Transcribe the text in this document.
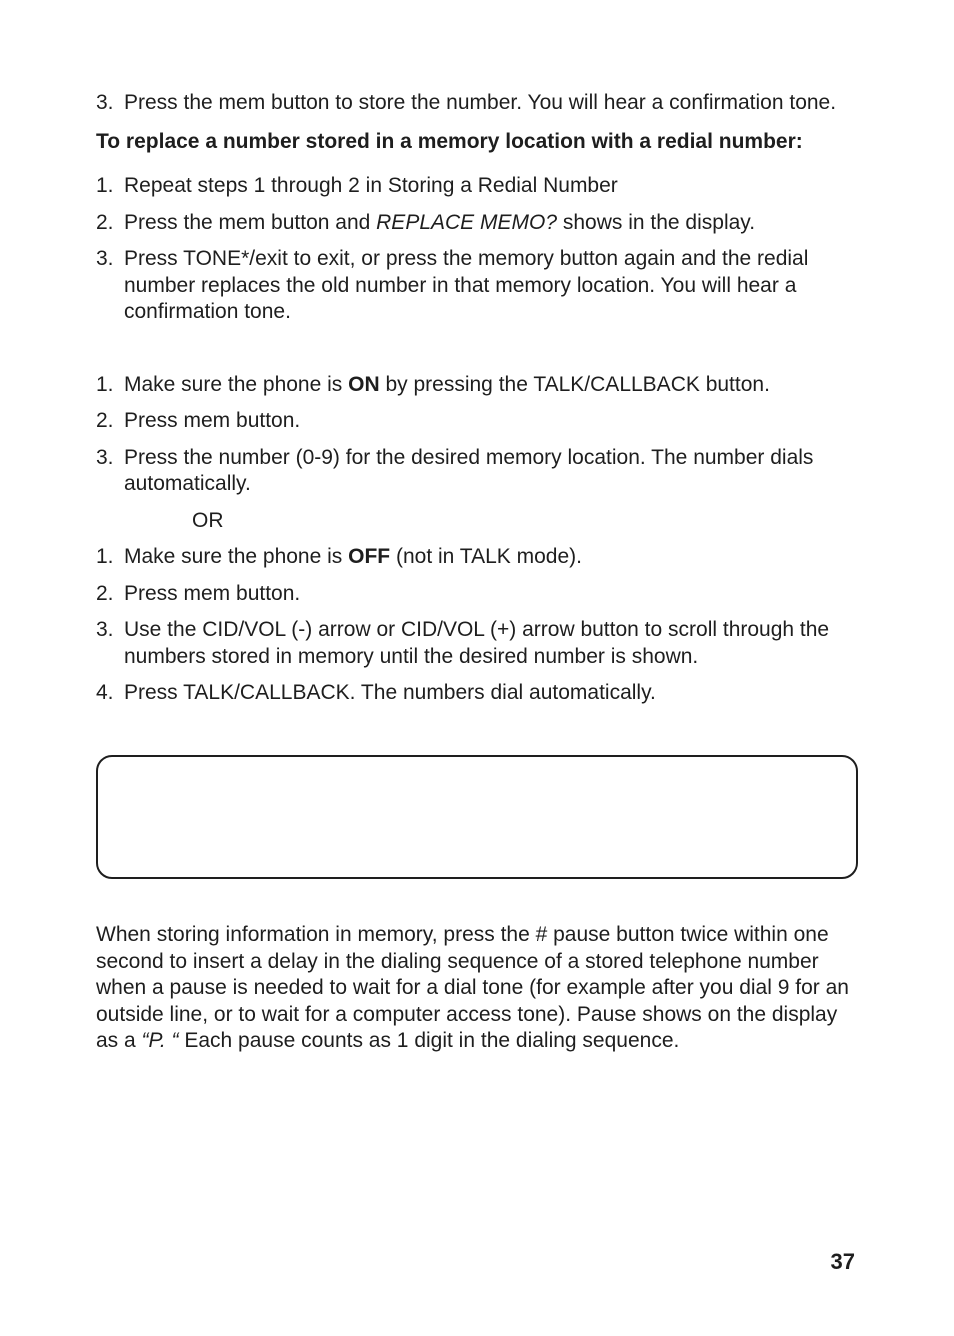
3. Press the mem button to store the number. You will hear a confirmation tone.
To replace a number stored in a memory location with a redial number:
1. Repeat steps 1 through 2 in Storing a Redial Number
2. Press the mem button and REPLACE MEMO? shows in the display.
3. Press TONE*/exit to exit, or press the memory button again and the redial number replaces the old number in that memory location. You will hear a confirmation tone.
1. Make sure the phone is ON by pressing the TALK/CALLBACK button.
2. Press mem button.
3. Press the number (0-9) for the desired memory location. The number dials automatically.
OR
1. Make sure the phone is OFF (not in TALK mode).
2. Press mem button.
3. Use the CID/VOL (-) arrow or CID/VOL (+) arrow button to scroll through the numbers stored in memory until the desired number is shown.
4. Press TALK/CALLBACK. The numbers dial automatically.

When storing information in memory, press the # pause button twice within one second to insert a delay in the dialing sequence of a stored telephone number when a pause is needed to wait for a dial tone (for example after you dial 9 for an outside line, or to wait for a computer access tone). Pause shows on the display as a “P. “ Each pause counts as 1 digit in the dialing sequence.

37
